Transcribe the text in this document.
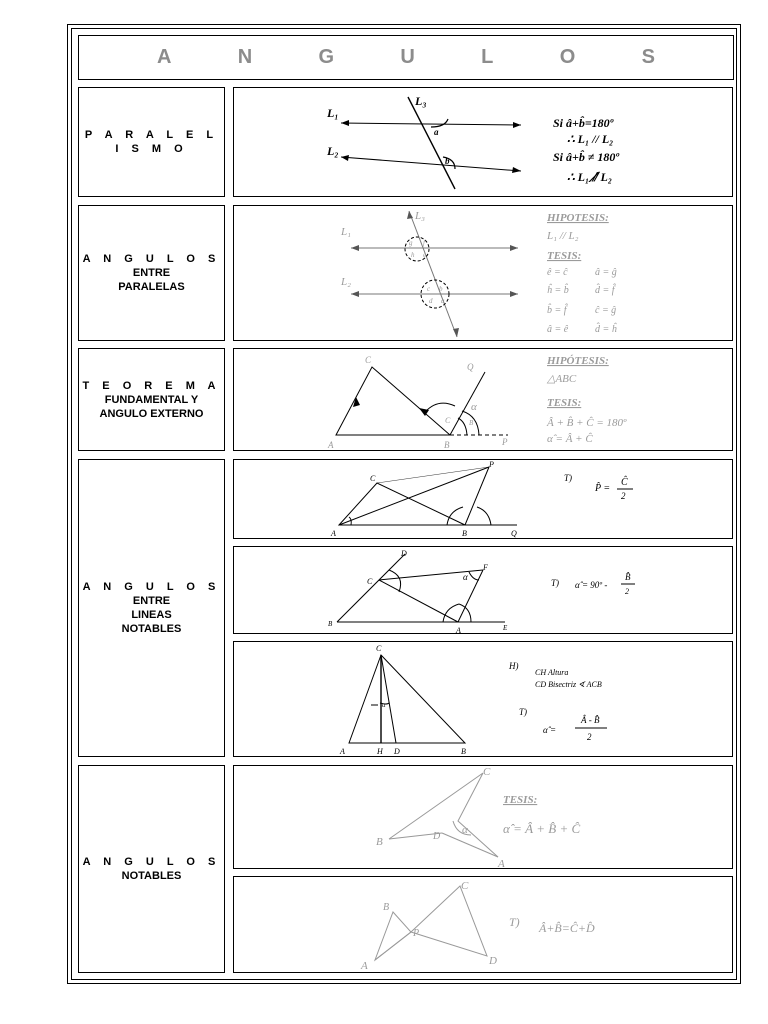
A	N	G	U	L	O	S
P A R A L E L I S M O
A N G U L O S
ENTRE
PARALELAS
T E O R E M A
FUNDAMENTAL Y
ANGULO EXTERNO
A N G U L O S
ENTRE
LINEAS
NOTABLES
A N G U L O S
NOTABLES
L₁
L₂
L₃
a
b
Si â+b̂=180º
∴ L₁ // L₂
Si â+b̂ ≠ 180º
∴ L₁ ⫽̸ L₂
g f
h e
c b
d a
L₁
L₂
L₃	HIPOTESIS:
L₁ // L₂
TESIS:
ê = ĉ	â = ĝ
ĥ = b̂	d̂ = f̂
b̂ = f̂	ĉ = ĝ
â = ê	d̂ = ĥ
C
A	B
Q
P
C
α
B
HIPÓTESIS:
△ABC
TESIS:
Â + B̂ + Ĉ = 180º
α̂ = Â + Ĉ
A	B
C
P
Q
T)
P̂ =
Ĉ
2
D
C
F
B
A	E
α
T) α̂ = 90º -
B̂
2
C
A	H D	B
α
H)
CH Altura
CD Bisectriz ∢ ACB
T)
α̂ =
Â - B̂
2
C
B	D
A
α
TESIS:
α̂ = Â + B̂ + Ĉ
C
B
P
A	D
T) Â+B̂=Ĉ+D̂
